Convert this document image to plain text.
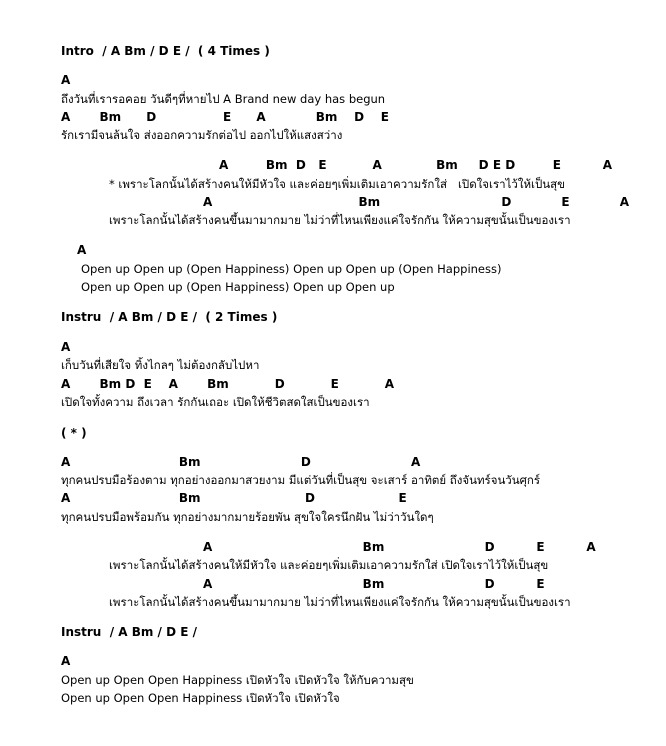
Intro  / A Bm / D E /  ( 4 Times )
A
ถึงวันที่เรารอคอย วันดีๆที่หายไป A Brand new day has begun
A       Bm      D                E      A            Bm    D    E
รักเรามีจนล้นใจ ส่งออกความรักต่อไป ออกไปให้แสงสว่าง
A         Bm  D   E           A             Bm     D E D         E          A
* เพราะโลกนั้นได้สร้างคนให้มีหัวใจ และค่อยๆเพิ่มเติมเอาความรักใส่   เปิดใจเราไว้ให้เป็นสุข
A                                   Bm                             D            E            A
เพราะโลกนั้นได้สร้างคนขึ้นมามากมาย ไม่ว่าที่ไหนเพียงแค่ใจรักกัน ให้ความสุขนั้นเป็นของเรา
A
Open up Open up (Open Happiness) Open up Open up (Open Happiness)
Open up Open up (Open Happiness) Open up Open up
Instru  / A Bm / D E /  ( 2 Times )
A
เก็บวันที่เสียใจ ทิ้งไกลๆ ไม่ต้องกลับไปหา
A       Bm D  E    A       Bm           D           E           A
เปิดใจทั้งความ ถึงเวลา รักกันเถอะ เปิดให้ชีวิตสดใสเป็นของเรา
( * )
A                          Bm                        D                        A
ทุกคนปรบมือร้องตาม ทุกอย่างออกมาสวยงาม มีแต่วันที่เป็นสุข จะเสาร์ อาทิตย์ ถึงจันทร์จนวันศุกร์
A                          Bm                         D                    E
ทุกคนปรบมือพร้อมกัน ทุกอย่างมากมายร้อยพัน สุขใจใครนึกฝัน ไม่ว่าวันใดๆ
A                                    Bm                        D          E          A
เพราะโลกนั้นได้สร้างคนให้มีหัวใจ และค่อยๆเพิ่มเติมเอาความรักใส่ เปิดใจเราไว้ให้เป็นสุข
A                                    Bm                        D          E
เพราะโลกนั้นได้สร้างคนขึ้นมามากมาย ไม่ว่าที่ไหนเพียงแค่ใจรักกัน ให้ความสุขนั้นเป็นของเรา
Instru  / A Bm / D E /
A
Open up Open Open Happiness เปิดหัวใจ เปิดหัวใจ ให้กับความสุข
Open up Open Open Happiness เปิดหัวใจ เปิดหัวใจ
